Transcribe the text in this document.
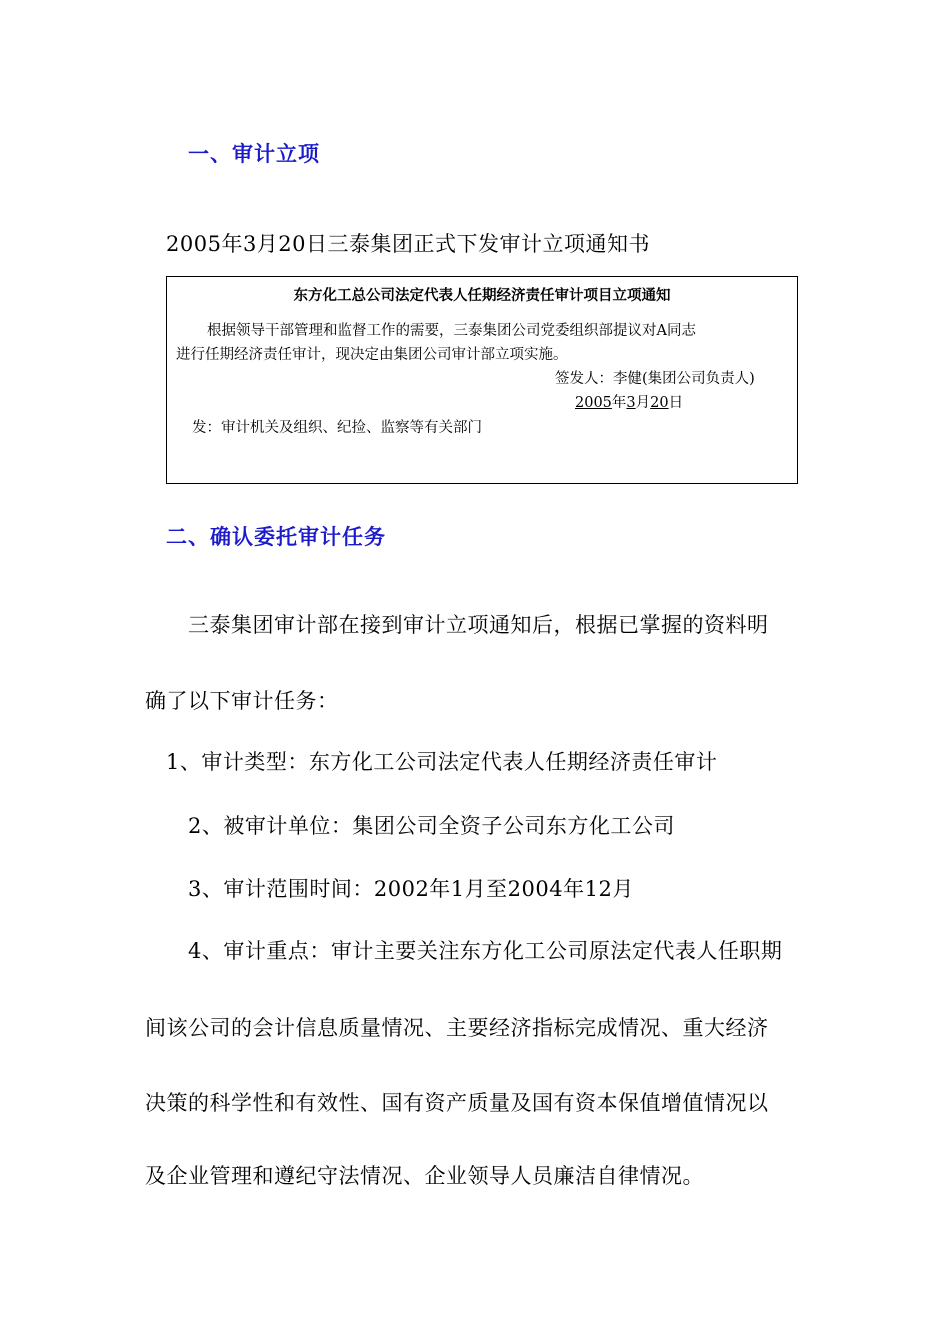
一、审计立项
2005年3月20日三泰集团正式下发审计立项通知书
东方化工总公司法定代表人任期经济责任审计项目立项通知
根据领导干部管理和监督工作的需要，三泰集团公司党委组织部提议对A同志
进行任期经济责任审计，现决定由集团公司审计部立项实施。
签发人：李健(集团公司负责人)
2005年3月20日
发：审计机关及组织、纪捡、监察等有关部门
二、确认委托审计任务
三泰集团审计部在接到审计立项通知后，根据已掌握的资料明
确了以下审计任务：
1、审计类型：东方化工公司法定代表人任期经济责任审计
2、被审计单位：集团公司全资子公司东方化工公司
3、审计范围时间：2002年1月至2004年12月
4、审计重点：审计主要关注东方化工公司原法定代表人任职期
间该公司的会计信息质量情况、主要经济指标完成情况、重大经济
决策的科学性和有效性、国有资产质量及国有资本保值增值情况以
及企业管理和遵纪守法情况、企业领导人员廉洁自律情况。
